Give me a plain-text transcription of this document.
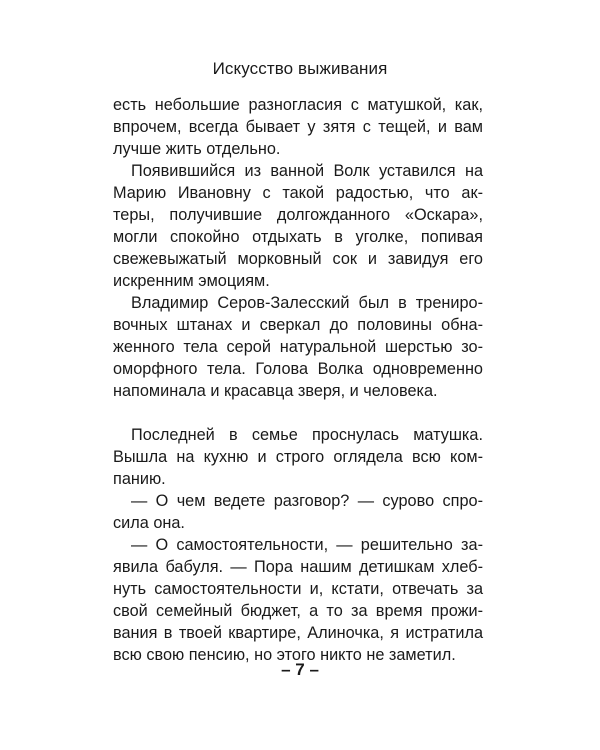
Искусство выживания
есть небольшие разногласия с матушкой, как,
впрочем, всегда бывает у зятя с тещей, и вам
лучше жить отдельно.
Появившийся из ванной Волк уставился на
Марию Ивановну с такой радостью, что ак-
теры, получившие долгожданного «Оскара»,
могли спокойно отдыхать в уголке, попивая
свежевыжатый морковный сок и завидуя его
искренним эмоциям.
Владимир Серов-Залесский был в трениро-
вочных штанах и сверкал до половины обна-
женного тела серой натуральной шерстью зо-
оморфного тела. Голова Волка одновременно
напоминала и красавца зверя, и человека.
Последней в семье проснулась матушка.
Вышла на кухню и строго оглядела всю ком-
панию.
— О чем ведете разговор? — сурово спро-
сила она.
— О самостоятельности, — решительно за-
явила бабуля. — Пора нашим детишкам хлеб-
нуть самостоятельности и, кстати, отвечать за
свой семейный бюджет, а то за время прожи-
вания в твоей квартире, Алиночка, я истратила
всю свою пенсию, но этого никто не заметил.
– 7 –
